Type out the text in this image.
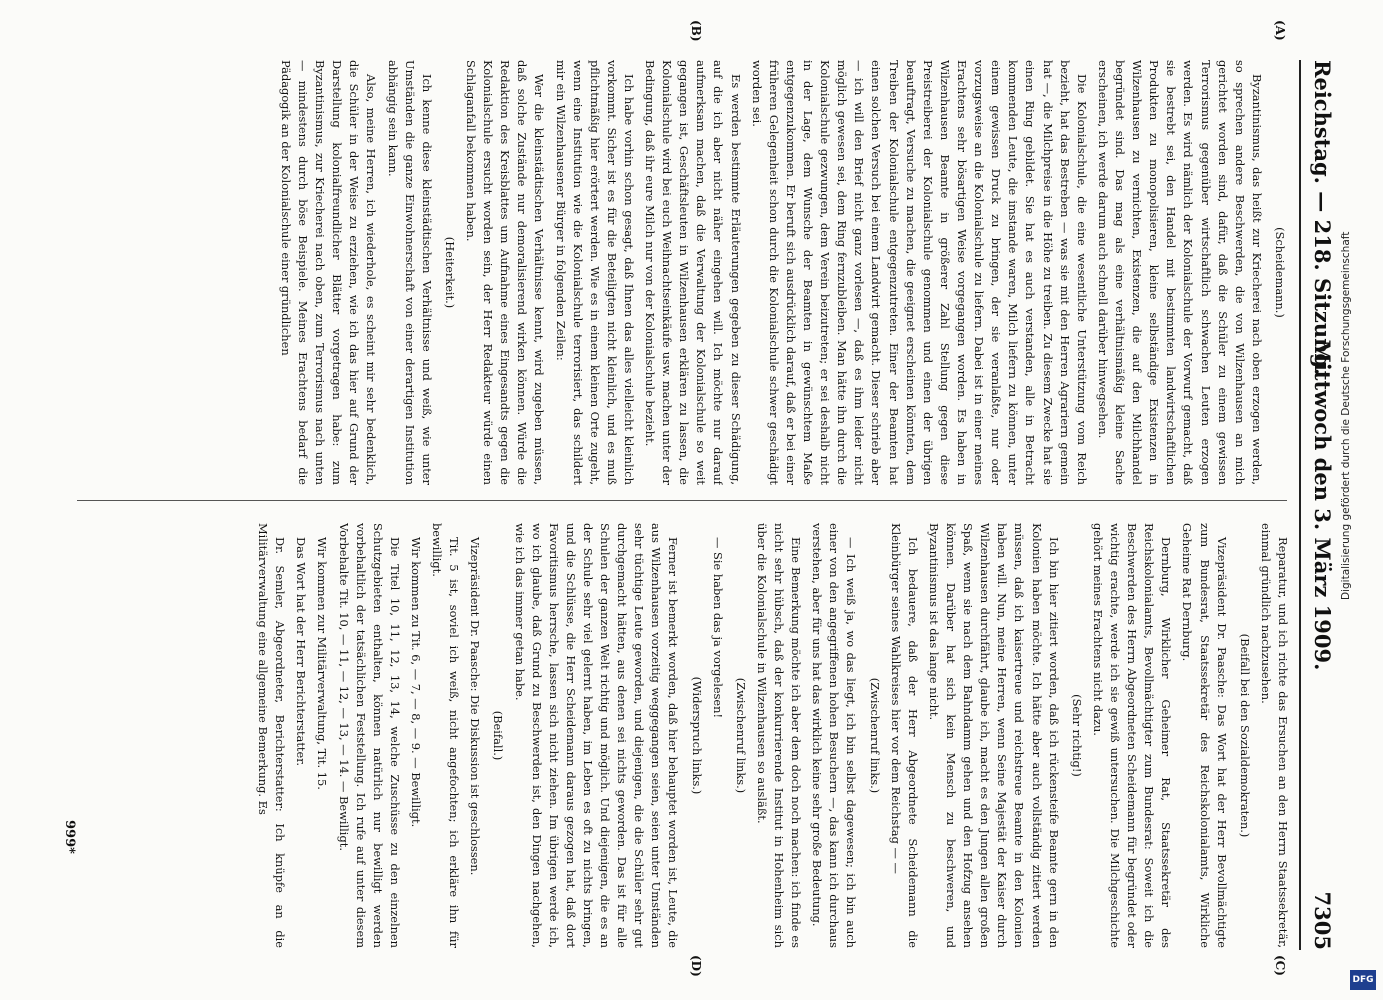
Reichstag. — 218. Sitzung.
Mittwoch den 3. März 1909.
7305
(A)
(B)
(C)
(D)
(Scheidemann.)

Byzantinismus, das heißt zur Kriecherei nach oben erzogen werden, so sprechen andere Beschwerden, die von Wilzenhausen an mich gerichtet worden sind, dafür, daß die Schüler zu einem gewissen Terrorismus gegenüber wirtschaftlich schwachen Leuten erzogen werden. Es wird nämlich der Kolonialschule der Vorwurf gemacht, daß sie bestrebt sei, den Handel mit bestimmten landwirtschaftlichen Produkten zu monopolisieren, kleine selbständige Existenzen in Wilzenhausen zu vernichten, Existenzen, die auf den Milchhandel begründet sind. Das mag als eine verhältnismäßig kleine Sache erscheinen, ich werde darum auch schnell darüber hinwegsehen.

Die Kolonialschule, die eine wesentliche Unterstützung vom Reich bezieht, hat das Bestreben — was sie mit den Herren Agrariern gemein hat —, die Milchpreise in die Höhe zu treiben. Zu diesem Zwecke hat sie einen Ring gebildet. Sie hat es auch verstanden, alle in Betracht kommenden Leute, die imstande waren, Milch liefern zu können, unter einem gewissen Druck zu bringen, der sie veranlaßte, nur oder vorzugsweise an die Kolonialschule zu liefern. Dabei ist in einer meines Erachtens sehr bösartigen Weise vorgegangen worden. Es haben in Wilzenhausen Beamte in größerer Zahl Stellung gegen diese Preistreiberei der Kolonialschule genommen und einen der übrigen beauftragt, Versuche zu machen, die geeignet erscheinen könnten, dem Treiben der Kolonialschule entgegenzutreten. Einer der Beamten hat einen solchen Versuch bei einem Landwirt gemacht. Dieser schrieb aber — ich will den Brief nicht ganz vorlesen —, daß es ihm leider nicht möglich gewesen sei, dem Ring fernzubleiben. Man hätte ihn durch die Kolonialschule gezwungen, dem Verein beizutreten; er sei deshalb nicht in der Lage, dem Wunsche der Beamten in gewünschtem Maße entgegenzukommen. Er beruft sich ausdrücklich darauf, daß er bei einer früheren Gelegenheit schon durch die Kolonialschule schwer geschädigt worden sei.

Es werden bestimmte Erläuterungen gegeben zu dieser Schädigung, auf die ich aber nicht näher eingehen will. Ich möchte nur darauf aufmerksam machen, daß die Verwaltung der Kolonialschule so weit gegangen ist, Geschäftsleuten in Wilzenhausen erklären zu lassen, die Kolonialschule wird bei euch Weihnachtseinkäufe usw. machen unter der Bedingung, daß ihr eure Milch nur von der Kolonialschule bezieht.

Ich habe vorhin schon gesagt, daß Ihnen das alles vielleicht kleinlich vorkommt. Sicher ist es für die Beteiligten nicht kleinlich, und es muß pflichtmäßig hier erörtert werden. Wie es in einem kleinen Orte zugeht, wenn eine Institution wie die Kolonialschule terrorisiert, das schildert mir ein Wilzenhausener Bürger in folgenden Zeilen:

Wer die kleinstädtischen Verhältnisse kennt, wird zugeben müssen, daß solche Zustände nur demoralisierend wirken können. Würde die Redaktion des Kreisblattes um Aufnahme eines Eingesandts gegen die Kolonialschule ersucht worden sein, der Herr Redakteur würde einen Schlaganfall bekommen haben.

(Heiterkeit.)

Ich kenne diese kleinstädtischen Verhältnisse und weiß, wie unter Umständen die ganze Einwohnerschaft von einer derartigen Institution abhängig sein kann.

Also, meine Herren, ich wiederhole, es scheint mir sehr bedenklich, die Schüler in der Weise zu erziehen, wie ich das hier auf Grund der Darstellung kolonialfreundlicher Blätter vorgetragen habe: zum Byzantinismus, zur Kriecherei nach oben, zum Terrorismus nach unten — mindestens durch böse Beispiele. Meines Erachtens bedarf die Pädagogik an der Kolonialschule einer gründlichen

Reparatur, und ich richte das Ersuchen an den Herrn Staatssekretär, einmal gründlich nachzusehen.

(Beifall bei den Sozialdemokraten.)

Vizepräsident Dr. Paasche: Das Wort hat der Herr Bevollmächtigte zum Bundesrat, Staatssekretär des Reichskolonialamts, Wirkliche Geheime Rat Dernburg.

Dernburg, Wirklicher Geheimer Rat, Staatssekretär des Reichskolonialamts, Bevollmächtigter zum Bundesrat: Soweit ich die Beschwerden des Herrn Abgeordneten Scheidemann für begründet oder wichtig erachte, werde ich sie gewiß untersuchen. Die Milchgeschichte gehört meines Erachtens nicht dazu.

(Sehr richtig!)

Ich bin hier zitiert worden, daß ich rückensteife Beamte gern in den Kolonien haben möchte. Ich hätte aber auch vollständig zitiert werden müssen, daß ich kaisertreue und reichstreue Beamte in den Kolonien haben will. Nun, meine Herren, wenn Seine Majestät der Kaiser durch Wilzenhausen durchfährt, glaube ich, macht es den Jungen allen großen Spaß, wenn sie nach dem Bahndamm gehen und den Hofzug ansehen können. Darüber hat sich kein Mensch zu beschweren, und Byzantinismus ist das lange nicht.

Ich bedauere, daß der Herr Abgeordnete Scheidemann die Kleinbürger seines Wahlkreises hier vor dem Reichstag — —

(Zwischenruf links.)

— Ich weiß ja, wo das liegt, ich bin selbst dagewesen; ich bin auch einer von den angegriffenen hohen Besuchern —, das kann ich durchaus verstehen, aber für uns hat das wirklich keine sehr große Bedeutung.

Eine Bemerkung möchte ich aber dem doch noch machen: ich finde es nicht sehr hübsch, daß der konkurrierende Institut in Hohenheim sich über die Kolonialschule in Wilzenhausen so ausläßt.

(Zwischenruf links.)

— Sie haben das ja vorgelesen!

(Widerspruch links.)

Ferner ist bemerkt worden, daß hier behauptet worden ist, Leute, die aus Wilzenhausen vorzeitig weggegangen seien, seien unter Umständen sehr tüchtige Leute geworden, und diejenigen, die die Schüler sehr gut durchgemacht hätten, aus denen sei nichts geworden. Das ist für alle Schulen der ganzen Welt richtig und möglich. Und diejenigen, die es an der Schule sehr viel gelernt haben, im Leben es oft zu nichts bringen, und die Schlüsse, die Herr Scheidemann daraus gezogen hat, daß dort Favoritismus herrsche, lassen sich nicht ziehen. Im übrigen werde ich, wo ich glaube, daß Grund zu Beschwerden ist, den Dingen nachgehen, wie ich das immer getan habe.

(Beifall.)

Vizepräsident Dr. Paasche: Die Diskussion ist geschlossen.

Tit. 5 ist, soviel ich weiß, nicht angefochten; ich erkläre ihn für bewilligt.

Wir kommen zu Tit. 6, — 7, — 8, — 9. — Bewilligt.

Die Titel 10, 11, 12, 13, 14, welche Zuschüsse zu den einzelnen Schutzgebieten enthalten, können natürlich nur bewilligt werden vorbehaltlich der tatsächlichen Feststellung. Ich rufe auf unter diesem Vorbehalte Tit. 10, — 11, — 12, — 13, — 14. — Bewilligt.

Wir kommen zur Militärverwaltung, Tit. 15.

Das Wort hat der Herr Berichterstatter.

Dr. Semler, Abgeordneter, Berichterstatter: Ich knüpfe an die Militärverwaltung eine allgemeine Bemerkung. Es

999*
Digitalisierung gefördert durch die Deutsche Forschungsgemeinschaft
DFG
